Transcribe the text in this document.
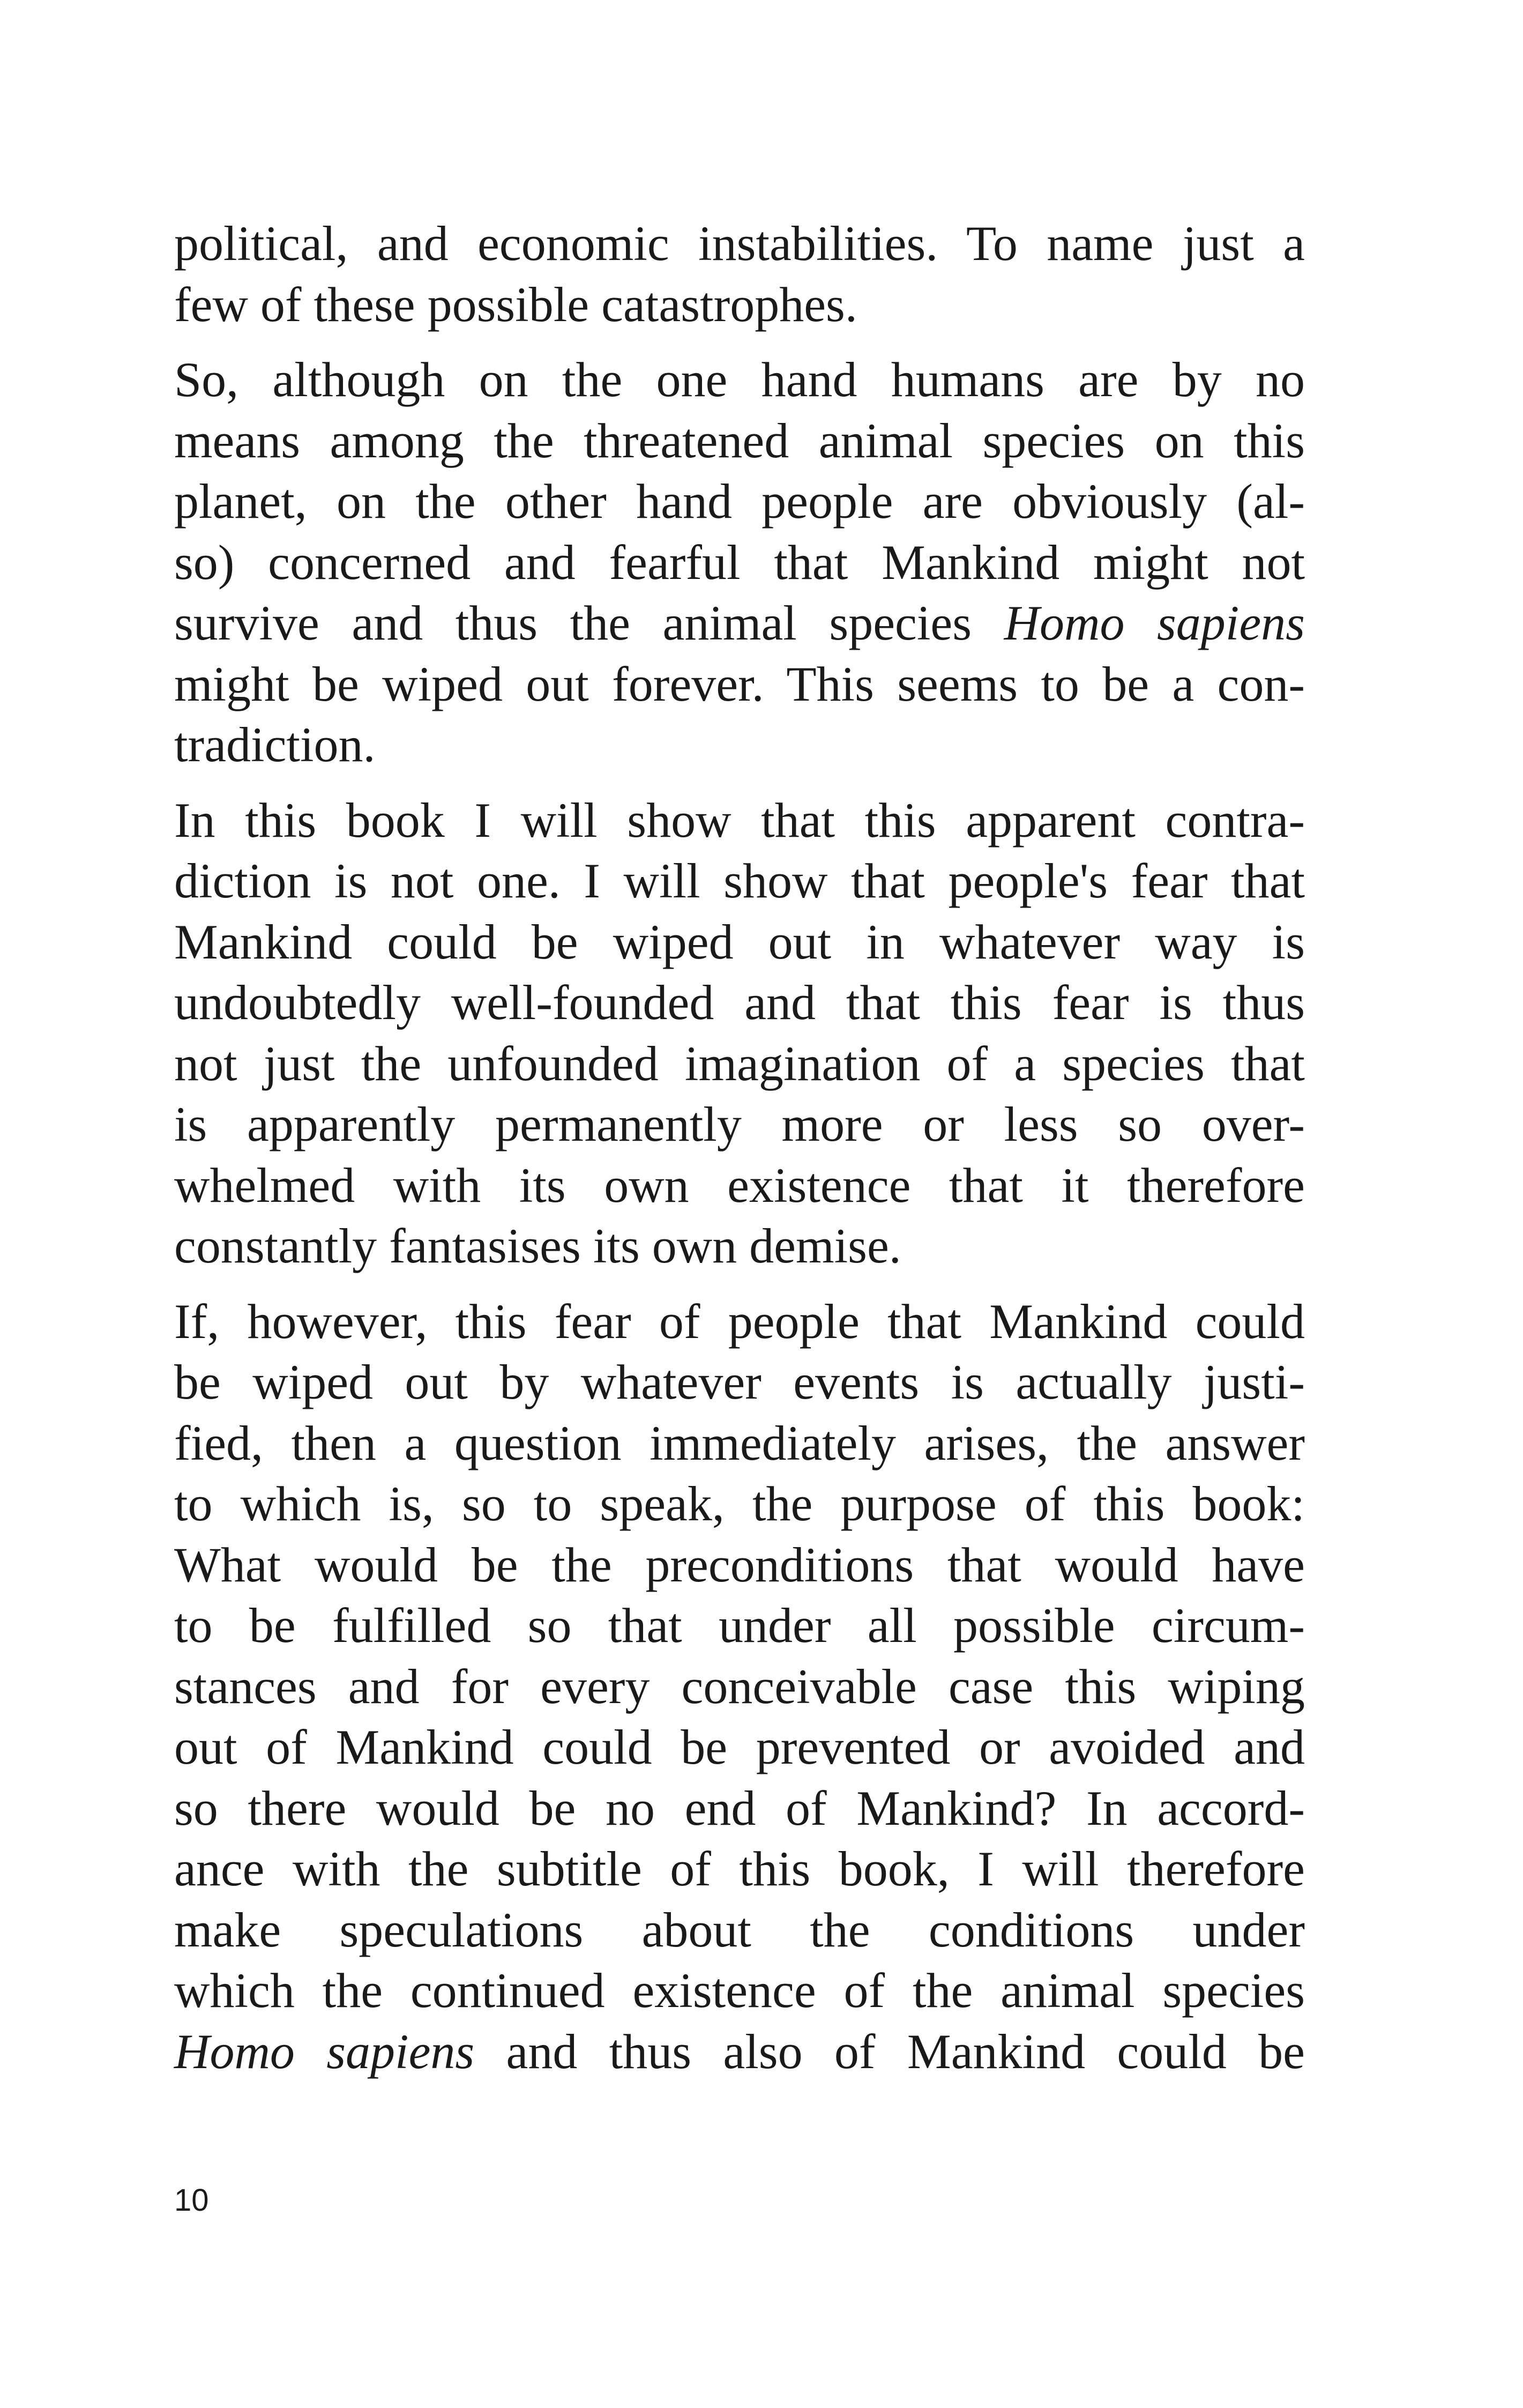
political, and economic instabilities. To name just a
few of these possible catastrophes.

So, although on the one hand humans are by no
means among the threatened animal species on this
planet, on the other hand people are obviously (al-
so) concerned and fearful that Mankind might not
survive and thus the animal species Homo sapiens
might be wiped out forever. This seems to be a con-
tradiction.

In this book I will show that this apparent contra-
diction is not one. I will show that people's fear that
Mankind could be wiped out in whatever way is
undoubtedly well-founded and that this fear is thus
not just the unfounded imagination of a species that
is apparently permanently more or less so over-
whelmed with its own existence that it therefore
constantly fantasises its own demise.

If, however, this fear of people that Mankind could
be wiped out by whatever events is actually justi-
fied, then a question immediately arises, the answer
to which is, so to speak, the purpose of this book:
What would be the preconditions that would have
to be fulfilled so that under all possible circum-
stances and for every conceivable case this wiping
out of Mankind could be prevented or avoided and
so there would be no end of Mankind? In accord-
ance with the subtitle of this book, I will therefore
make speculations about the conditions under
which the continued existence of the animal species
Homo sapiens and thus also of Mankind could be

10
